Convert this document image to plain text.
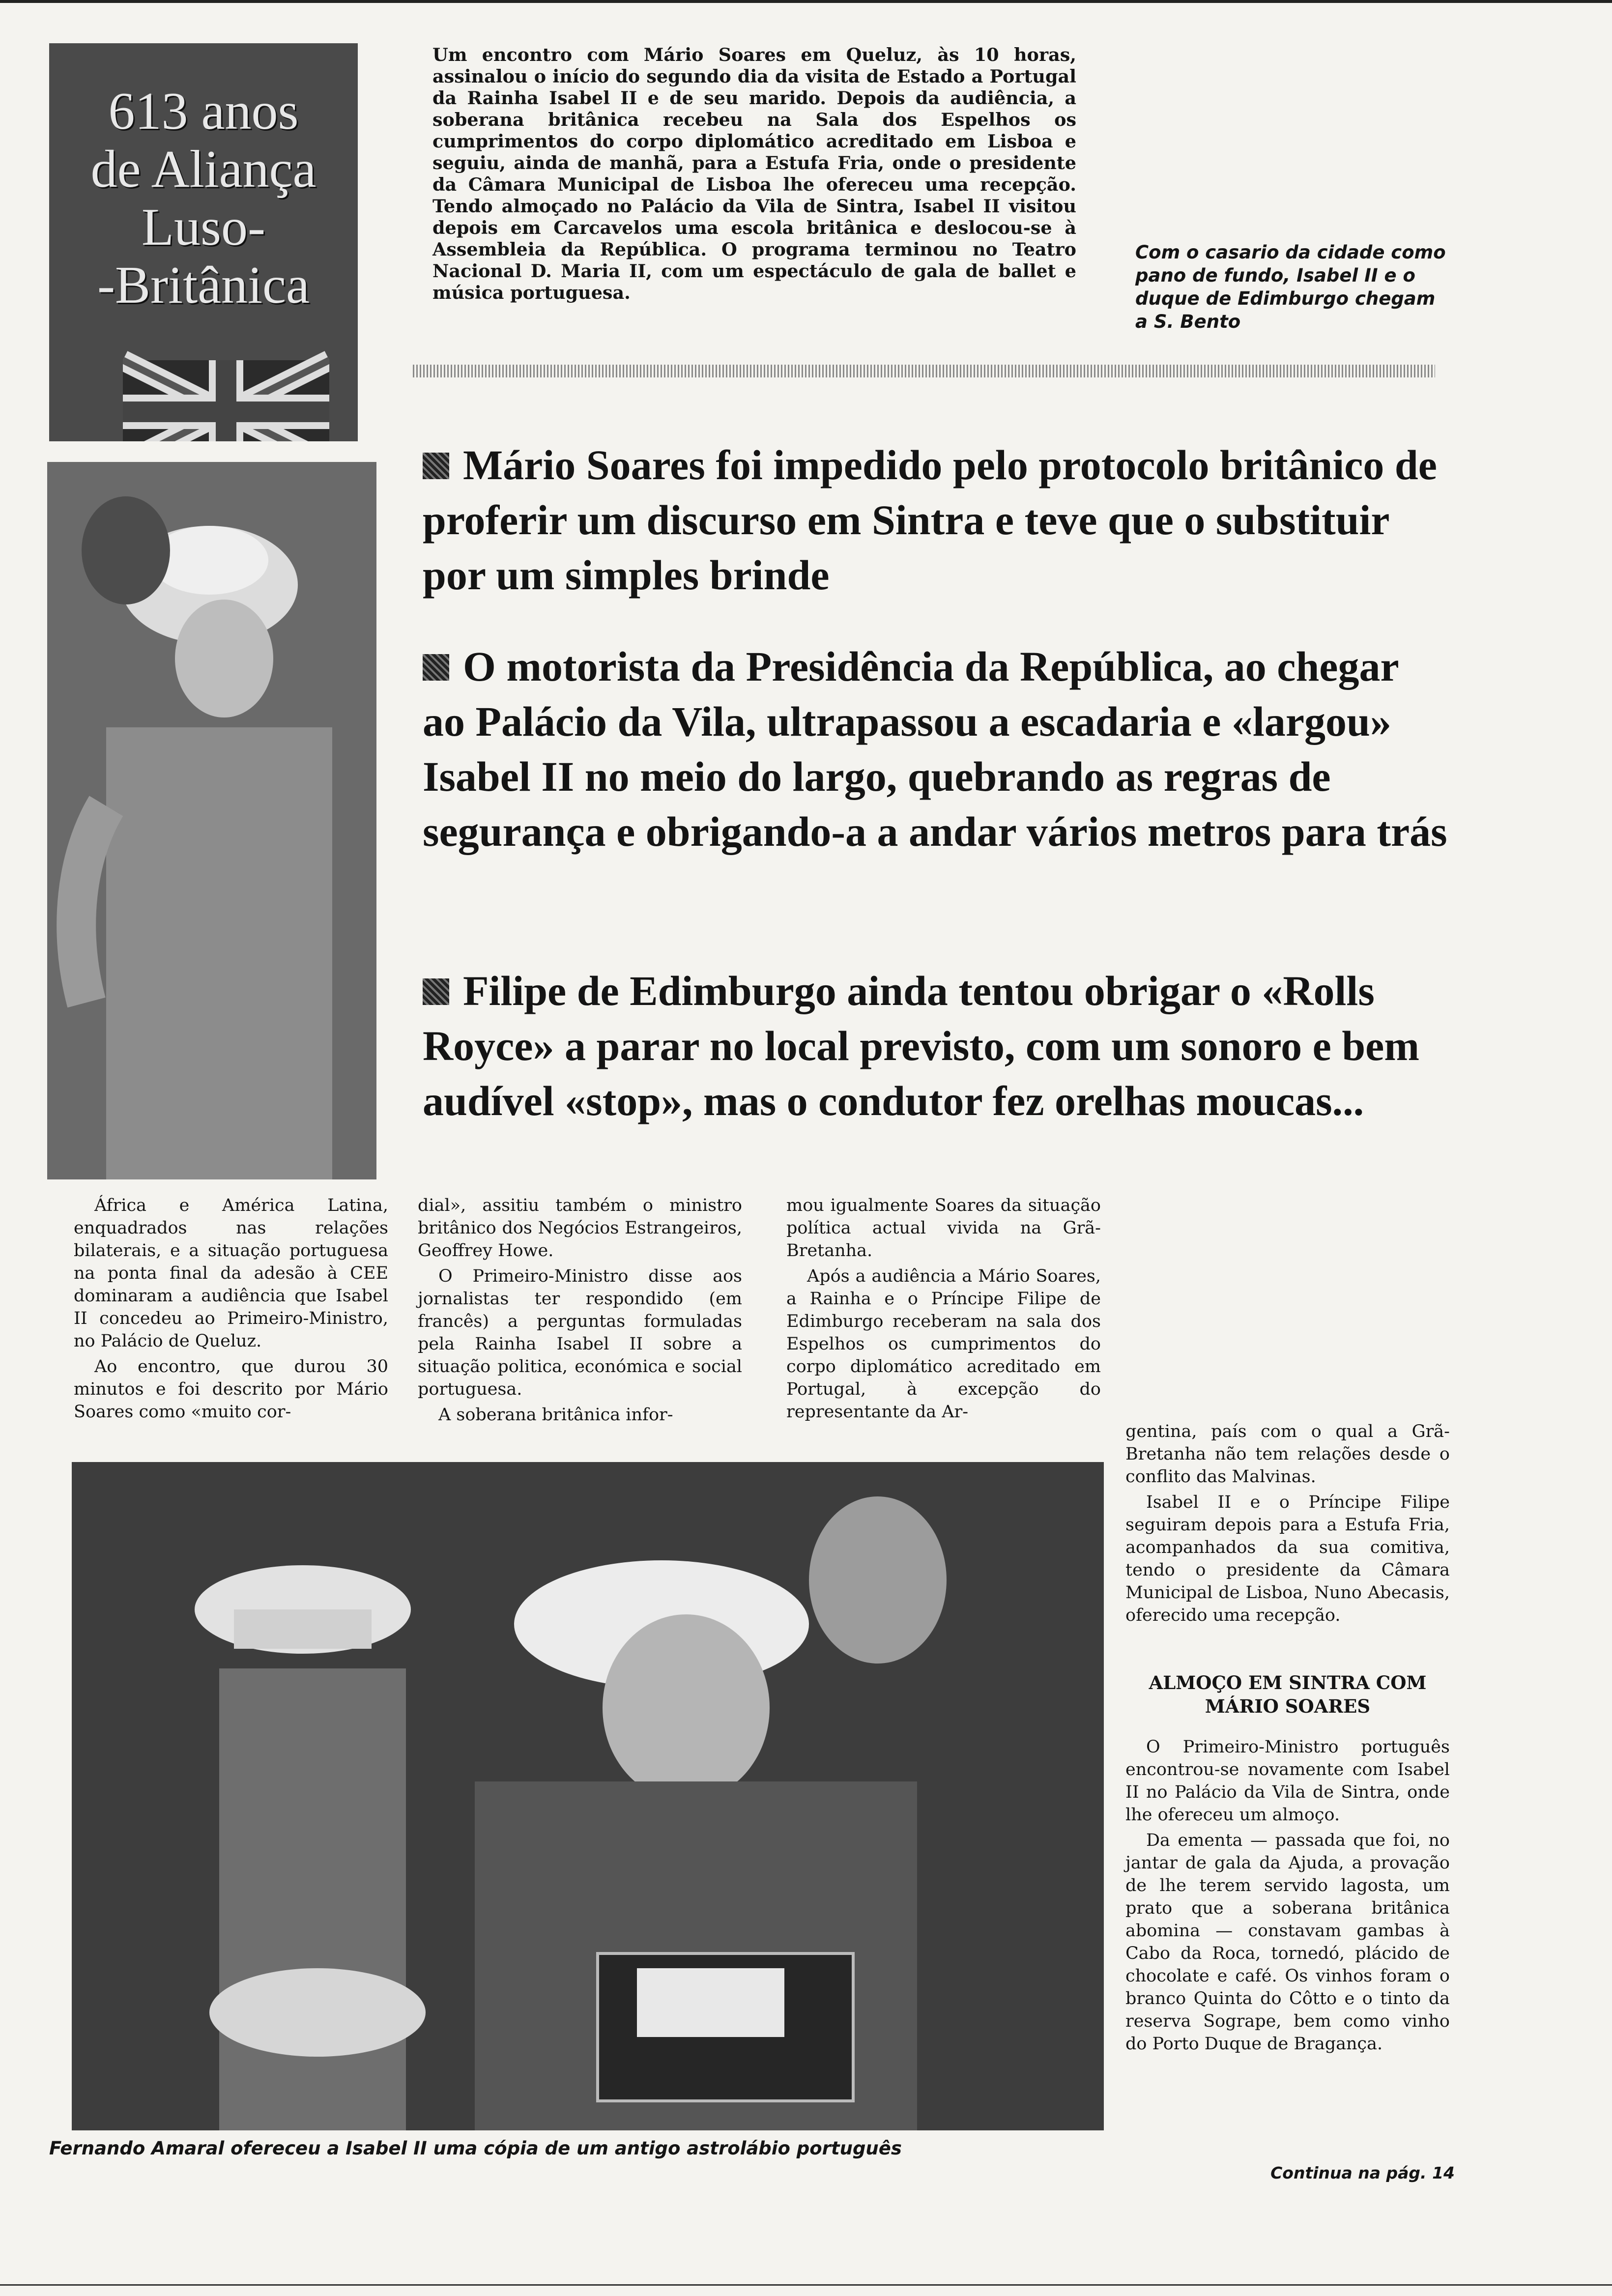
613 anos
de Aliança
Luso-
-Britânica
Um encontro com Mário Soares em Queluz, às 10 horas, assinalou o início do segundo dia da visita de Estado a Portugal da Rainha Isabel II e de seu marido. Depois da audiência, a soberana britânica recebeu na Sala dos Espelhos os cumprimentos do corpo diplomático acreditado em Lisboa e seguiu, ainda de manhã, para a Estufa Fria, onde o presidente da Câmara Municipal de Lisboa lhe ofereceu uma recepção. Tendo almoçado no Palácio da Vila de Sintra, Isabel II visitou depois em Carcavelos uma escola britânica e deslocou-se à Assembleia da República. O programa terminou no Teatro Nacional D. Maria II, com um espectáculo de gala de ballet e música portuguesa.
Com o casario da cidade como pano de fundo, Isabel II e o duque de Edimburgo chegam a S. Bento
Mário Soares foi impedido pelo protocolo britânico de proferir um discurso em Sintra e teve que o substituir por um simples brinde
O motorista da Presidência da República, ao chegar ao Palácio da Vila, ultrapassou a escadaria e «largou» Isabel II no meio do largo, quebrando as regras de segurança e obrigando-a a andar vários metros para trás
Filipe de Edimburgo ainda tentou obrigar o «Rolls Royce» a parar no local previsto, com um sonoro e bem audível «stop», mas o condutor fez orelhas moucas...

África e América Latina, enquadrados nas relações bilaterais, e a situação portuguesa na ponta final da adesão à CEE dominaram a audiência que Isabel II concedeu ao Primeiro-Ministro, no Palácio de Queluz.

Ao encontro, que durou 30 minutos e foi descrito por Mário Soares como «muito cor-

dial», assitiu também o ministro britânico dos Negócios Estrangeiros, Geoffrey Howe.

O Primeiro-Ministro disse aos jornalistas ter respondido (em francês) a perguntas formuladas pela Rainha Isabel II sobre a situação politica, económica e social portuguesa.

A soberana britânica infor-

mou igualmente Soares da situação política actual vivida na Grã-Bretanha.

Após a audiência a Mário Soares, a Rainha e o Príncipe Filipe de Edimburgo receberam na sala dos Espelhos os cumprimentos do corpo diplomático acreditado em Portugal, à excepção do representante da Ar-

gentina, país com o qual a Grã-Bretanha não tem relações desde o conflito das Malvinas.

Isabel II e o Príncipe Filipe seguiram depois para a Estufa Fria, acompanhados da sua comitiva, tendo o presidente da Câmara Municipal de Lisboa, Nuno Abecasis, oferecido uma recepção.

ALMOÇO EM SINTRA COM MÁRIO SOARES

O Primeiro-Ministro português encontrou-se novamente com Isabel II no Palácio da Vila de Sintra, onde lhe ofereceu um almoço.

Da ementa — passada que foi, no jantar de gala da Ajuda, a provação de lhe terem servido lagosta, um prato que a soberana britânica abomina — constavam gambas à Cabo da Roca, tornedó, plácido de chocolate e café. Os vinhos foram o branco Quinta do Côtto e o tinto da reserva Sogrape, bem como vinho do Porto Duque de Bragança.

Fernando Amaral ofereceu a Isabel II uma cópia de um antigo astrolábio português
Continua na pág. 14
